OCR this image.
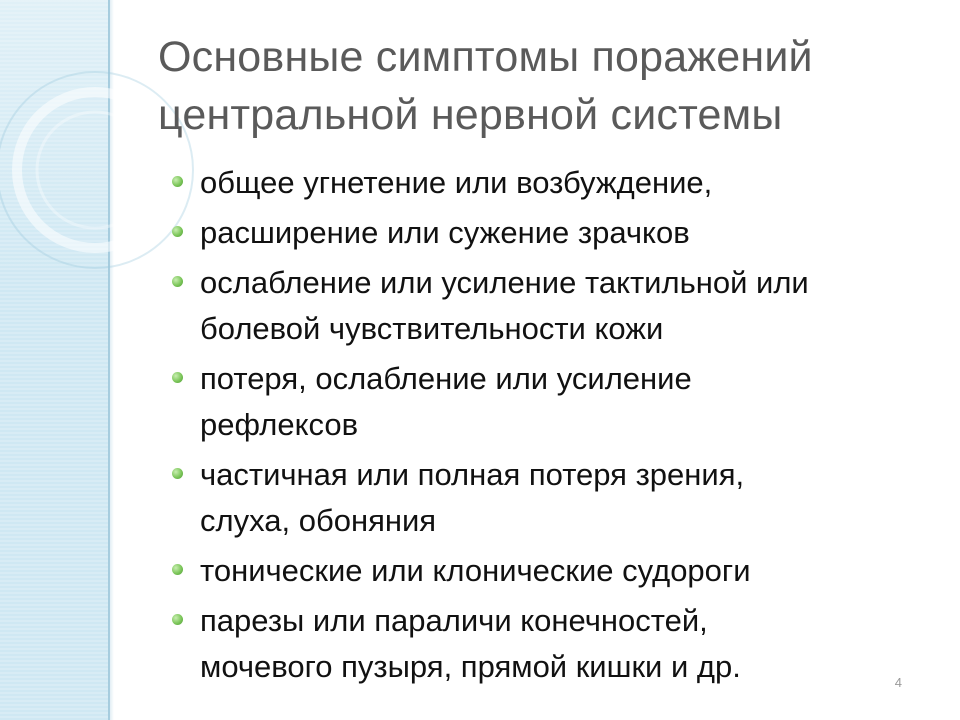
Основные симптомы поражений
центральной нервной системы
общее угнетение или возбуждение,
расширение или сужение зрачков
ослабление или усиление тактильной или
болевой чувствительности кожи
потеря, ослабление или усиление
рефлексов
частичная или полная потеря зрения,
слуха, обоняния
тонические или клонические судороги
парезы или параличи конечностей,
мочевого пузыря, прямой кишки и др.	4
